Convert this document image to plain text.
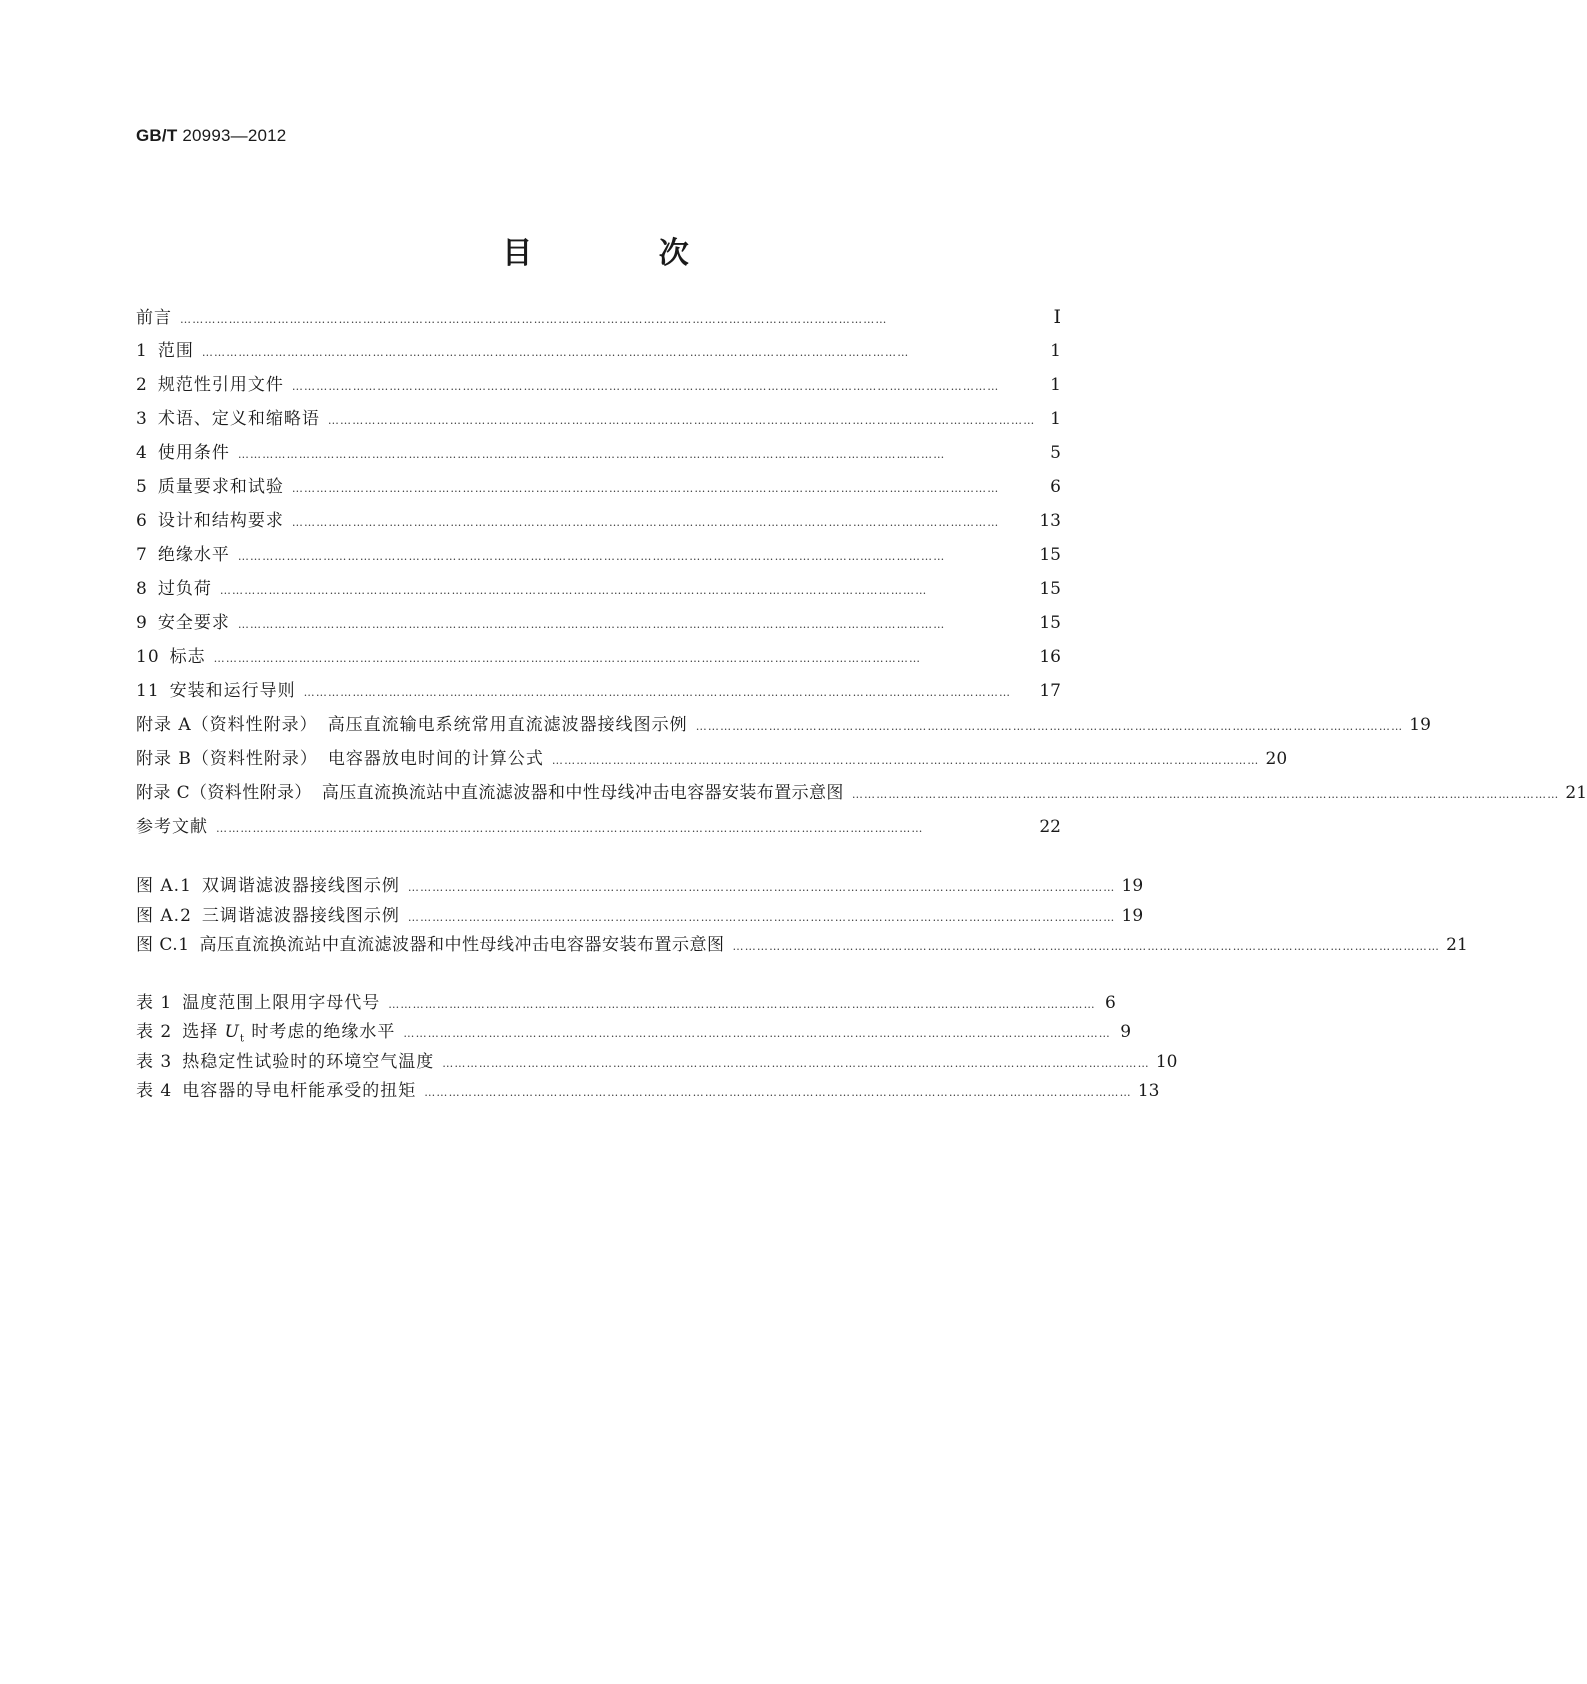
GB/T 20993—2012
目 次
前言 …………………………………………………………………………………………………………………………………………………………	Ⅰ
1 范围 …………………………………………………………………………………………………………………………………………………………	1
2 规范性引用文件 …………………………………………………………………………………………………………………………………………………………	1
3 术语、定义和缩略语 ………………………………………………………………………………………………………………………………………………………… 1
4 使用条件 …………………………………………………………………………………………………………………………………………………………	5
5 质量要求和试验 …………………………………………………………………………………………………………………………………………………………	6
6 设计和结构要求 …………………………………………………………………………………………………………………………………………………………	13
7 绝缘水平 …………………………………………………………………………………………………………………………………………………………	15
8 过负荷 …………………………………………………………………………………………………………………………………………………………	15
9 安全要求 …………………………………………………………………………………………………………………………………………………………	15
10 标志 …………………………………………………………………………………………………………………………………………………………	16
11 安装和运行导则 …………………………………………………………………………………………………………………………………………………………	17
附录 A（资料性附录） 高压直流输电系统常用直流滤波器接线图示例 ………………………………………………………………………………………………………………………………………………………… 19
附录 B（资料性附录） 电容器放电时间的计算公式 ………………………………………………………………………………………………………………………………………………………… 20
附录 C（资料性附录） 高压直流换流站中直流滤波器和中性母线冲击电容器安装布置示意图 ………………………………………………………………………………………………………………………………………………………… 21
参考文献 …………………………………………………………………………………………………………………………………………………………	22
图 A.1 双调谐滤波器接线图示例 ………………………………………………………………………………………………………………………………………………………… 19
图 A.2 三调谐滤波器接线图示例 ………………………………………………………………………………………………………………………………………………………… 19
图 C.1 高压直流换流站中直流滤波器和中性母线冲击电容器安装布置示意图 ………………………………………………………………………………………………………………………………………………………… 21
表 1 温度范围上限用字母代号 ………………………………………………………………………………………………………………………………………………………… 6
表 2 选择 $U_t$ 时考虑的绝缘水平 ………………………………………………………………………………………………………………………………………………………… 9
表 3 热稳定性试验时的环境空气温度 ………………………………………………………………………………………………………………………………………………………… 10
表 4 电容器的导电杆能承受的扭矩 ………………………………………………………………………………………………………………………………………………………… 13
